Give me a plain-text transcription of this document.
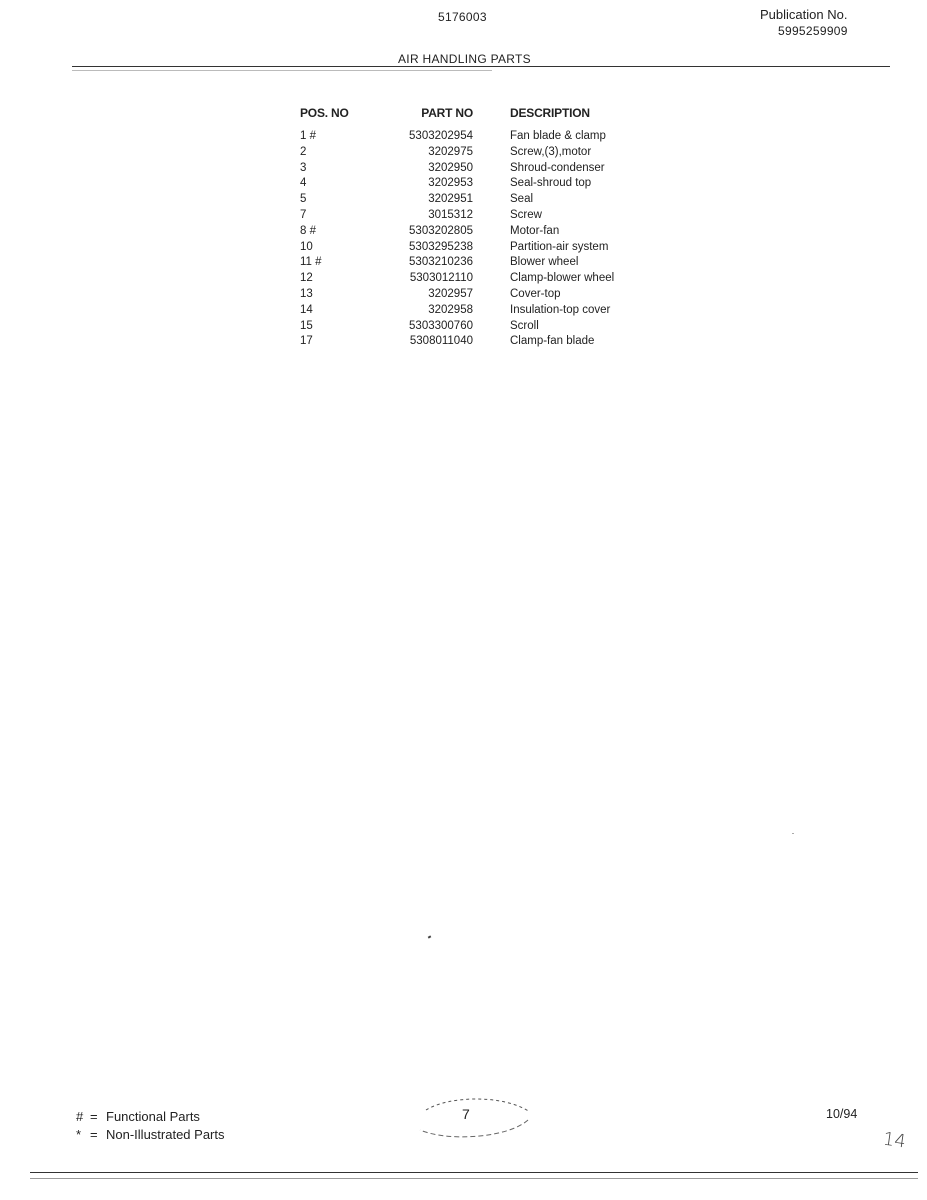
5176003	Publication No.
5995259909
AIR HANDLING PARTS
POS. NO	PART NO	DESCRIPTION
1 #	5303202954	Fan blade & clamp
2	3202975	Screw,(3),motor
3	3202950	Shroud-condenser
4	3202953	Seal-shroud top
5	3202951	Seal
7	3015312	Screw
8 #	5303202805	Motor-fan
10	5303295238	Partition-air system
11 #	5303210236	Blower wheel
12	5303012110	Clamp-blower wheel
13	3202957	Cover-top
14	3202958	Insulation-top cover
15	5303300760	Scroll
17	5308011040	Clamp-fan blade
# = Functional Parts
* = Non-Illustrated Parts
7	10/94
14
